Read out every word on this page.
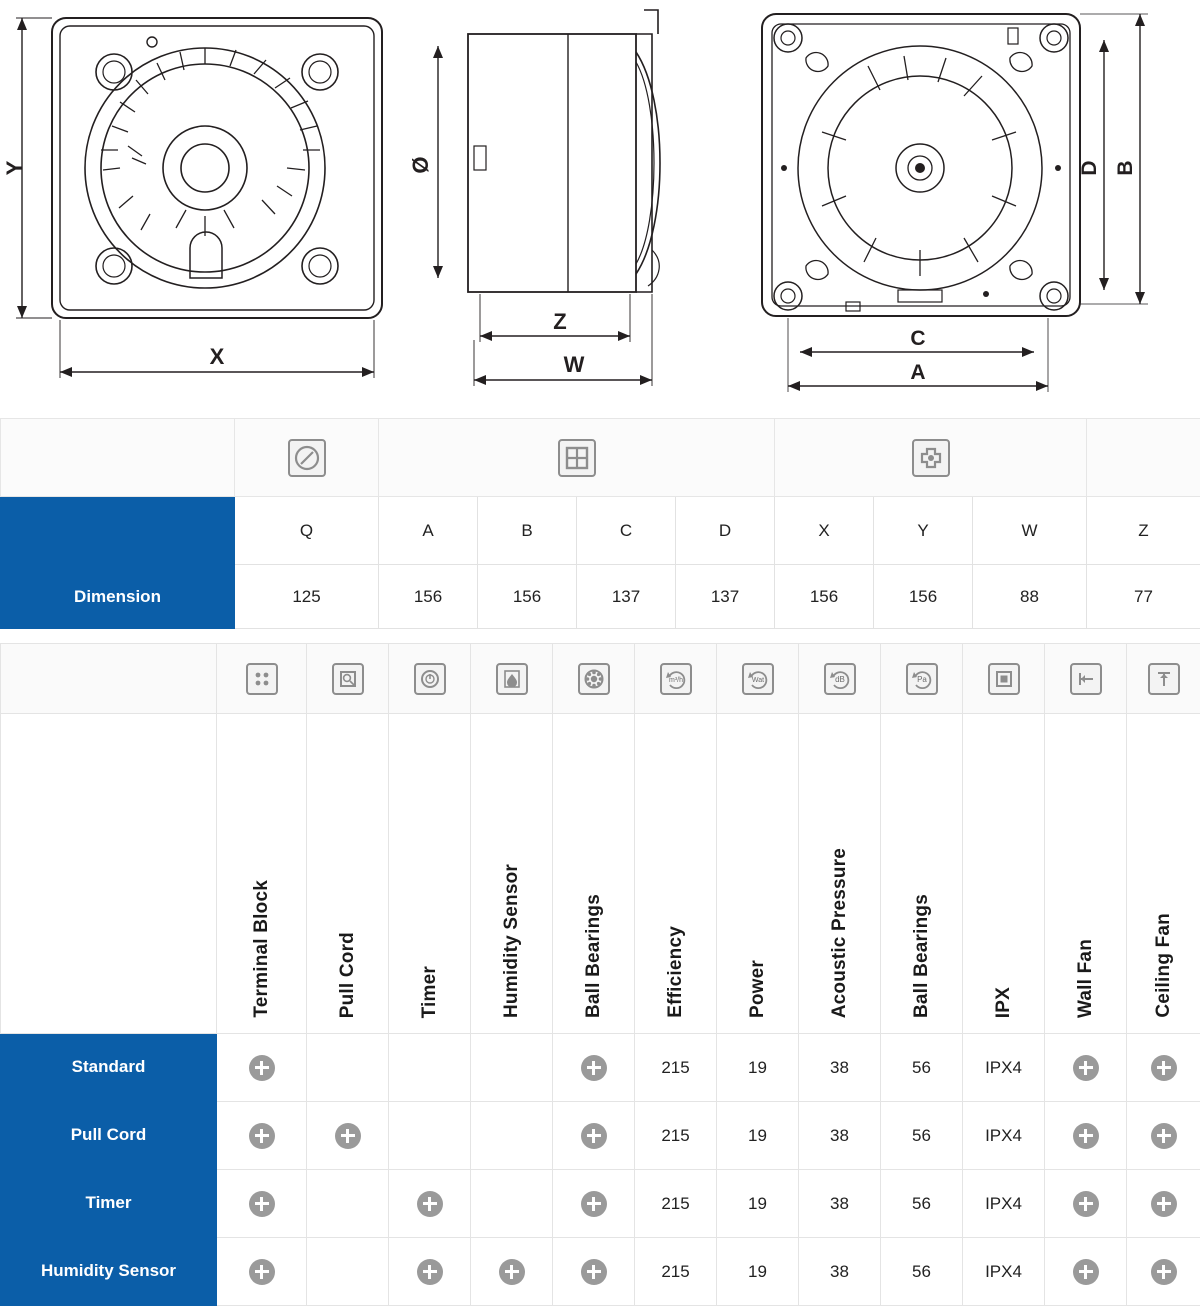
Y
X
Ø
Z
W
D B
C
A

	Q	A	B	C	D	X	Y	W	Z
Dimension	125	156	156	137	137	156	156	88	77

m³/h	Wat	dB	Pa

	Terminal Block	Pull Cord	Timer	Humidity Sensor	Ball Bearings	Efficiency	Power	Acoustic Pressure	Ball Bearings	IPX	Wall Fan	Ceiling Fan
Standard						215	19	38	56	IPX4		
Pull Cord						215	19	38	56	IPX4		
Timer						215	19	38	56	IPX4		
Humidity Sensor						215	19	38	56	IPX4		
